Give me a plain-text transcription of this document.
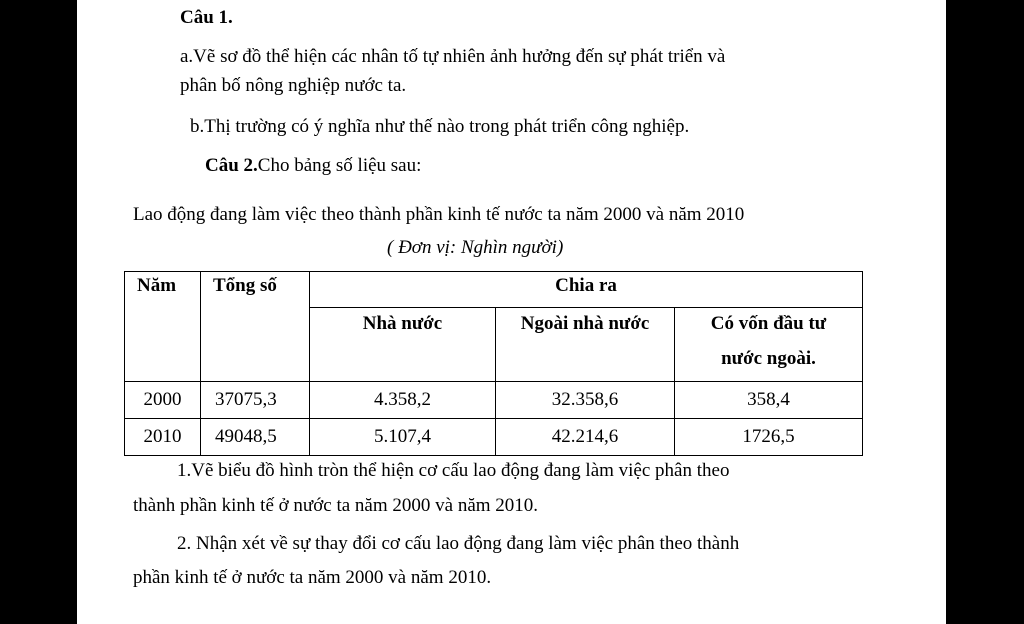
Câu 1.
a.Vẽ sơ đồ thể hiện các nhân tố tự nhiên ảnh hưởng đến sự phát triển và
phân bố nông nghiệp nước ta.
b.Thị trường có ý nghĩa như thế nào trong phát triển công nghiệp.
Câu 2.Cho bảng số liệu sau:
Lao động đang làm việc theo thành phần kinh tế nước ta năm 2000 và năm 2010
( Đơn vị: Nghìn người)
Năm	Tổng số	Chia ra		
		Nhà nước	Ngoài nhà nước	Có vốn đầu tư
nước ngoài.

2000	37075,3	4.358,2	32.358,6	358,4
2010	49048,5	5.107,4	42.214,6	1726,5
1.Vẽ biểu đồ hình tròn thể hiện cơ cấu lao động đang làm việc phân theo
thành phần kinh tế ở nước ta năm 2000 và năm 2010.
2. Nhận xét về sự thay đổi cơ cấu lao động đang làm việc phân theo thành
phần kinh tế ở nước ta năm 2000 và năm 2010.
